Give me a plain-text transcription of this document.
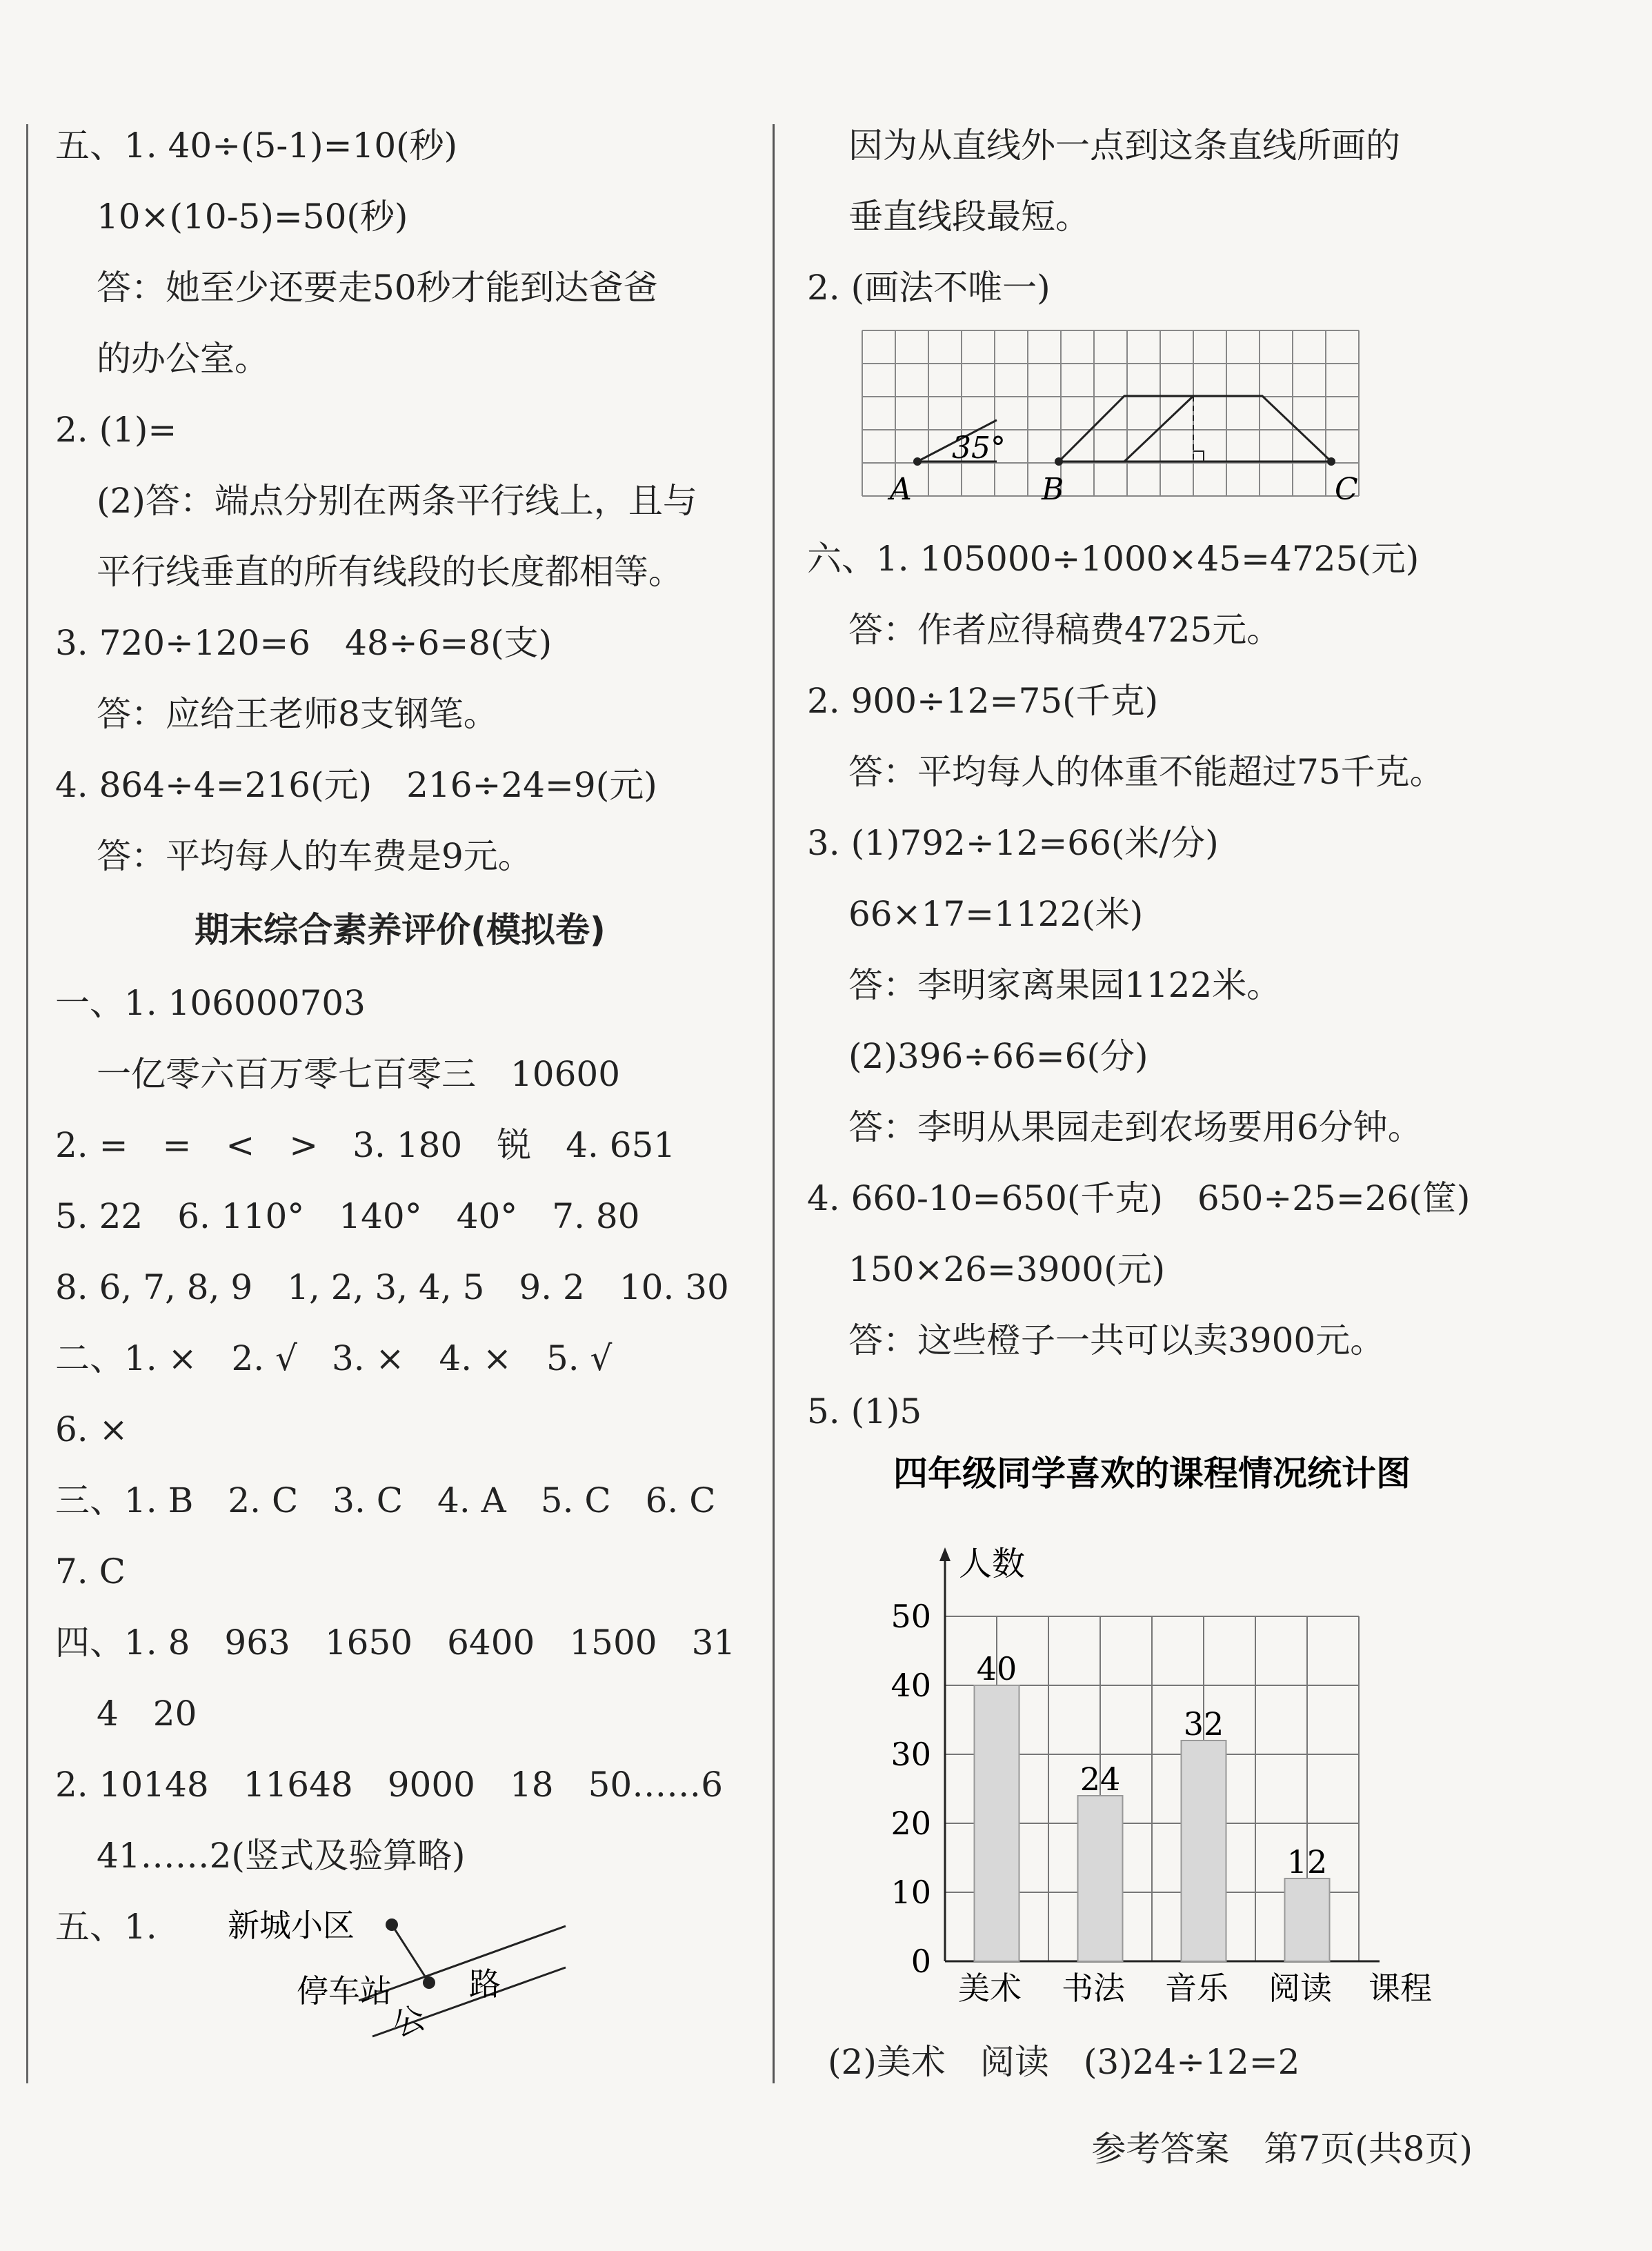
五、1. 40÷(5-1)=10(秒)
10×(10-5)=50(秒)
答：她至少还要走50秒才能到达爸爸
的办公室。
2. (1)=
(2)答：端点分别在两条平行线上，且与
平行线垂直的所有线段的长度都相等。
3. 720÷120=6　48÷6=8(支)
答：应给王老师8支钢笔。
4. 864÷4=216(元)　216÷24=9(元)
答：平均每人的车费是9元。
期末综合素养评价(模拟卷)
一、1. 106000703
一亿零六百万零七百零三　10600
2. =　=　<　>　3. 180　锐　4. 651
5. 22　6. 110°　140°　40°　7. 80
8. 6, 7, 8, 9　1, 2, 3, 4, 5　9. 2　10. 30
二、1. ×　2. √　3. ×　4. ×　5. √
6. ×
三、1. B　2. C　3. C　4. A　5. C　6. C
7. C
四、1. 8　963　1650　6400　1500　31
4　20
2. 10148　11648　9000　18　50……6
41……2(竖式及验算略)
五、1. 新城小区
停车站 路
公
因为从直线外一点到这条直线所画的
垂直线段最短。
2. (画法不唯一)
35°
A	B	C
六、1. 105000÷1000×45=4725(元)
答：作者应得稿费4725元。
2. 900÷12=75(千克)
答：平均每人的体重不能超过75千克。
3. (1)792÷12=66(米/分)
66×17=1122(米)
答：李明家离果园1122米。
(2)396÷66=6(分)
答：李明从果园走到农场要用6分钟。
4. 660-10=650(千克)　650÷25=26(筐)
150×26=3900(元)
答：这些橙子一共可以卖3900元。
5. (1)5
四年级同学喜欢的课程情况统计图
人数
0
10
20
30
40
50
40
美术
24
书法
32
音乐
12
阅读 课程
(2)美术　阅读　(3)24÷12=2
参考答案　第7页(共8页)
